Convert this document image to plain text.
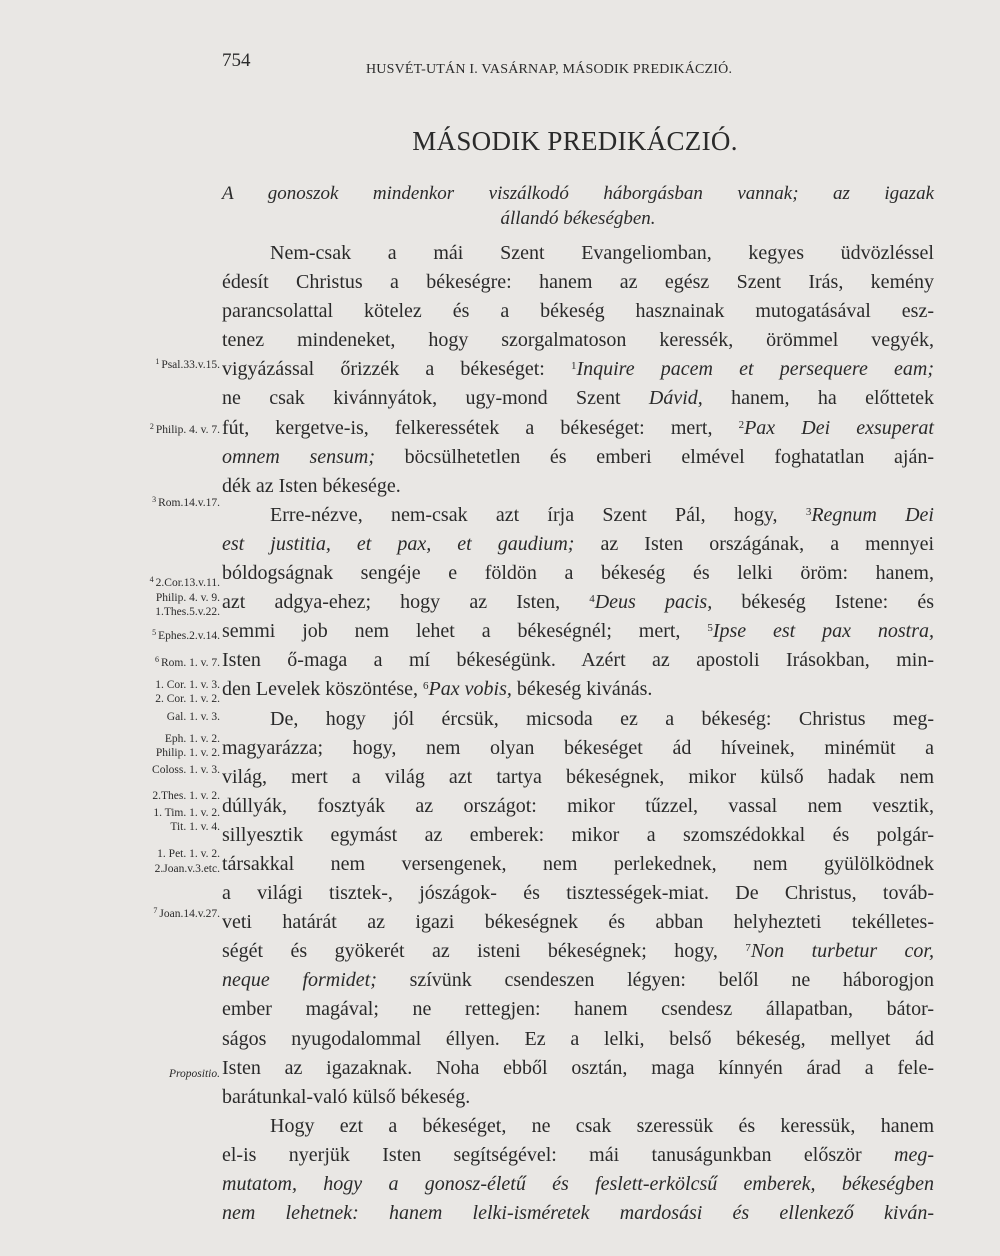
754	HUSVÉT-UTÁN I. VASÁRNAP, MÁSODIK PREDIKÁCZIÓ.
MÁSODIK PREDIKÁCZIÓ.
A gonoszok mindenkor viszálkodó háborgásban vannak; az igazak
állandó békeségben.
$^1$ Psal.33.v.15.
$^2$ Philip. 4. v. 7.
$^3$ Rom.14.v.17.
$^4$ 2.Cor.13.v.11.
Philip. 4. v. 9.
1.Thes.5.v.22.
$^5$ Ephes.2.v.14.
$^6$ Rom. 1. v. 7.
1. Cor. 1. v. 3.
2. Cor. 1. v. 2.
Gal. 1. v. 3.
Eph. 1. v. 2.
Philip. 1. v. 2.
Coloss. 1. v. 3.
2.Thes. 1. v. 2.
1. Tim. 1. v. 2.
Tit. 1. v. 4.
1. Pet. 1. v. 2.
2.Joan.v.3.etc.
$^7$ Joan.14.v.27.
Propositio.
Nem-csak a mái Szent Evangeliomban, kegyes üdvözléssel
édesít Christus a békeségre: hanem az egész Szent Irás, kemény
parancsolattal kötelez és a békeség hasznainak mutogatásával esz-
tenez mindeneket, hogy szorgalmatoson keressék, örömmel vegyék,
vigyázással őrizzék a békeséget: $^1$Inquire pacem et persequere eam;
ne csak kivánnyátok, ugy-mond Szent Dávid, hanem, ha előttetek
fút, kergetve-is, felkeressétek a békeséget: mert, $^2$Pax Dei exsuperat
omnem sensum; böcsülhetetlen és emberi elmével foghatatlan aján-
dék az Isten békesége.
Erre-nézve, nem-csak azt írja Szent Pál, hogy, $^3$Regnum Dei
est justitia, et pax, et gaudium; az Isten országának, a mennyei
bóldogságnak sengéje e földön a békeség és lelki öröm: hanem,
azt adgya-ehez; hogy az Isten, $^4$Deus pacis, békeség Istene: és
semmi job nem lehet a békeségnél; mert, $^5$Ipse est pax nostra,
Isten ő-maga a mí békeségünk. Azért az apostoli Irásokban, min-
den Levelek köszöntése, $^6$Pax vobis, békeség kivánás.
De, hogy jól ércsük, micsoda ez a békeség: Christus meg-
magyarázza; hogy, nem olyan békeséget ád híveinek, minémüt a
világ, mert a világ azt tartya békeségnek, mikor külső hadak nem
dúllyák, fosztyák az országot: mikor tűzzel, vassal nem vesztik,
sillyesztik egymást az emberek: mikor a szomszédokkal és polgár-
társakkal nem versengenek, nem perlekednek, nem gyülölködnek
a világi tisztek-, jószágok- és tisztességek-miat. De Christus, továb-
veti határát az igazi békeségnek és abban helyhezteti tekélletes-
ségét és gyökerét az isteni békeségnek; hogy, $^7$Non turbetur cor,
neque formidet; szívünk csendeszen légyen: belől ne háborogjon
ember magával; ne rettegjen: hanem csendesz állapatban, bátor-
ságos nyugodalommal éllyen. Ez a lelki, belső békeség, mellyet ád
Isten az igazaknak. Noha ebből osztán, maga kínnyén árad a fele-
barátunkal-való külső békeség.
Hogy ezt a békeséget, ne csak szeressük és keressük, hanem
el-is nyerjük Isten segítségével: mái tanuságunkban először meg-
mutatom, hogy a gonosz-életű és feslett-erkölcsű emberek, békeségben
nem lehetnek: hanem lelki-isméretek mardosási és ellenkező kiván-
